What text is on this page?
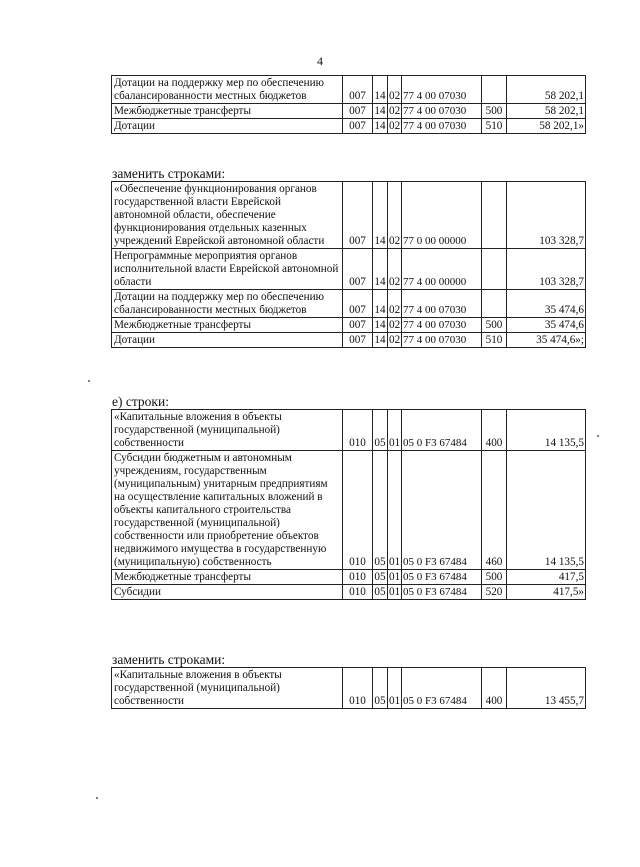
4
Дотации на поддержку мер по обеспечению сбалансированности местных бюджетов	007	14	02	77 4 00 07030		58 202,1
Межбюджетные трансферты	007	14	02	77 4 00 07030	500	58 202,1
Дотации	007	14	02	77 4 00 07030	510	58 202,1»
заменить строками:
«Обеспечение функционирования органов государственной власти Еврейской автономной области, обеспечение функционирования отдельных казенных учреждений Еврейской автономной области	007	14	02	77 0 00 00000		103 328,7
Непрограммные мероприятия органов исполнительной власти Еврейской автономной области	007	14	02	77 4 00 00000		103 328,7
Дотации на поддержку мер по обеспечению сбалансированности местных бюджетов	007	14	02	77 4 00 07030		35 474,6
Межбюджетные трансферты	007	14	02	77 4 00 07030	500	35 474,6
Дотации	007	14	02	77 4 00 07030	510	35 474,6»;
е) строки:
«Капитальные вложения в объекты государственной (муниципальной) собственности	010	05	01	05 0 F3 67484	400	14 135,5
Субсидии бюджетным и автономным учреждениям, государственным (муниципальным) унитарным предприятиям на осуществление капитальных вложений в объекты капитального строительства государственной (муниципальной) собственности или приобретение объектов недвижимого имущества в государственную (муниципальную) собственность	010	05	01	05 0 F3 67484	460	14 135,5
Межбюджетные трансферты	010	05	01	05 0 F3 67484	500	417,5
Субсидии	010	05	01	05 0 F3 67484	520	417,5»
заменить строками:
«Капитальные вложения в объекты государственной (муниципальной) собственности	010	05	01	05 0 F3 67484	400	13 455,7
